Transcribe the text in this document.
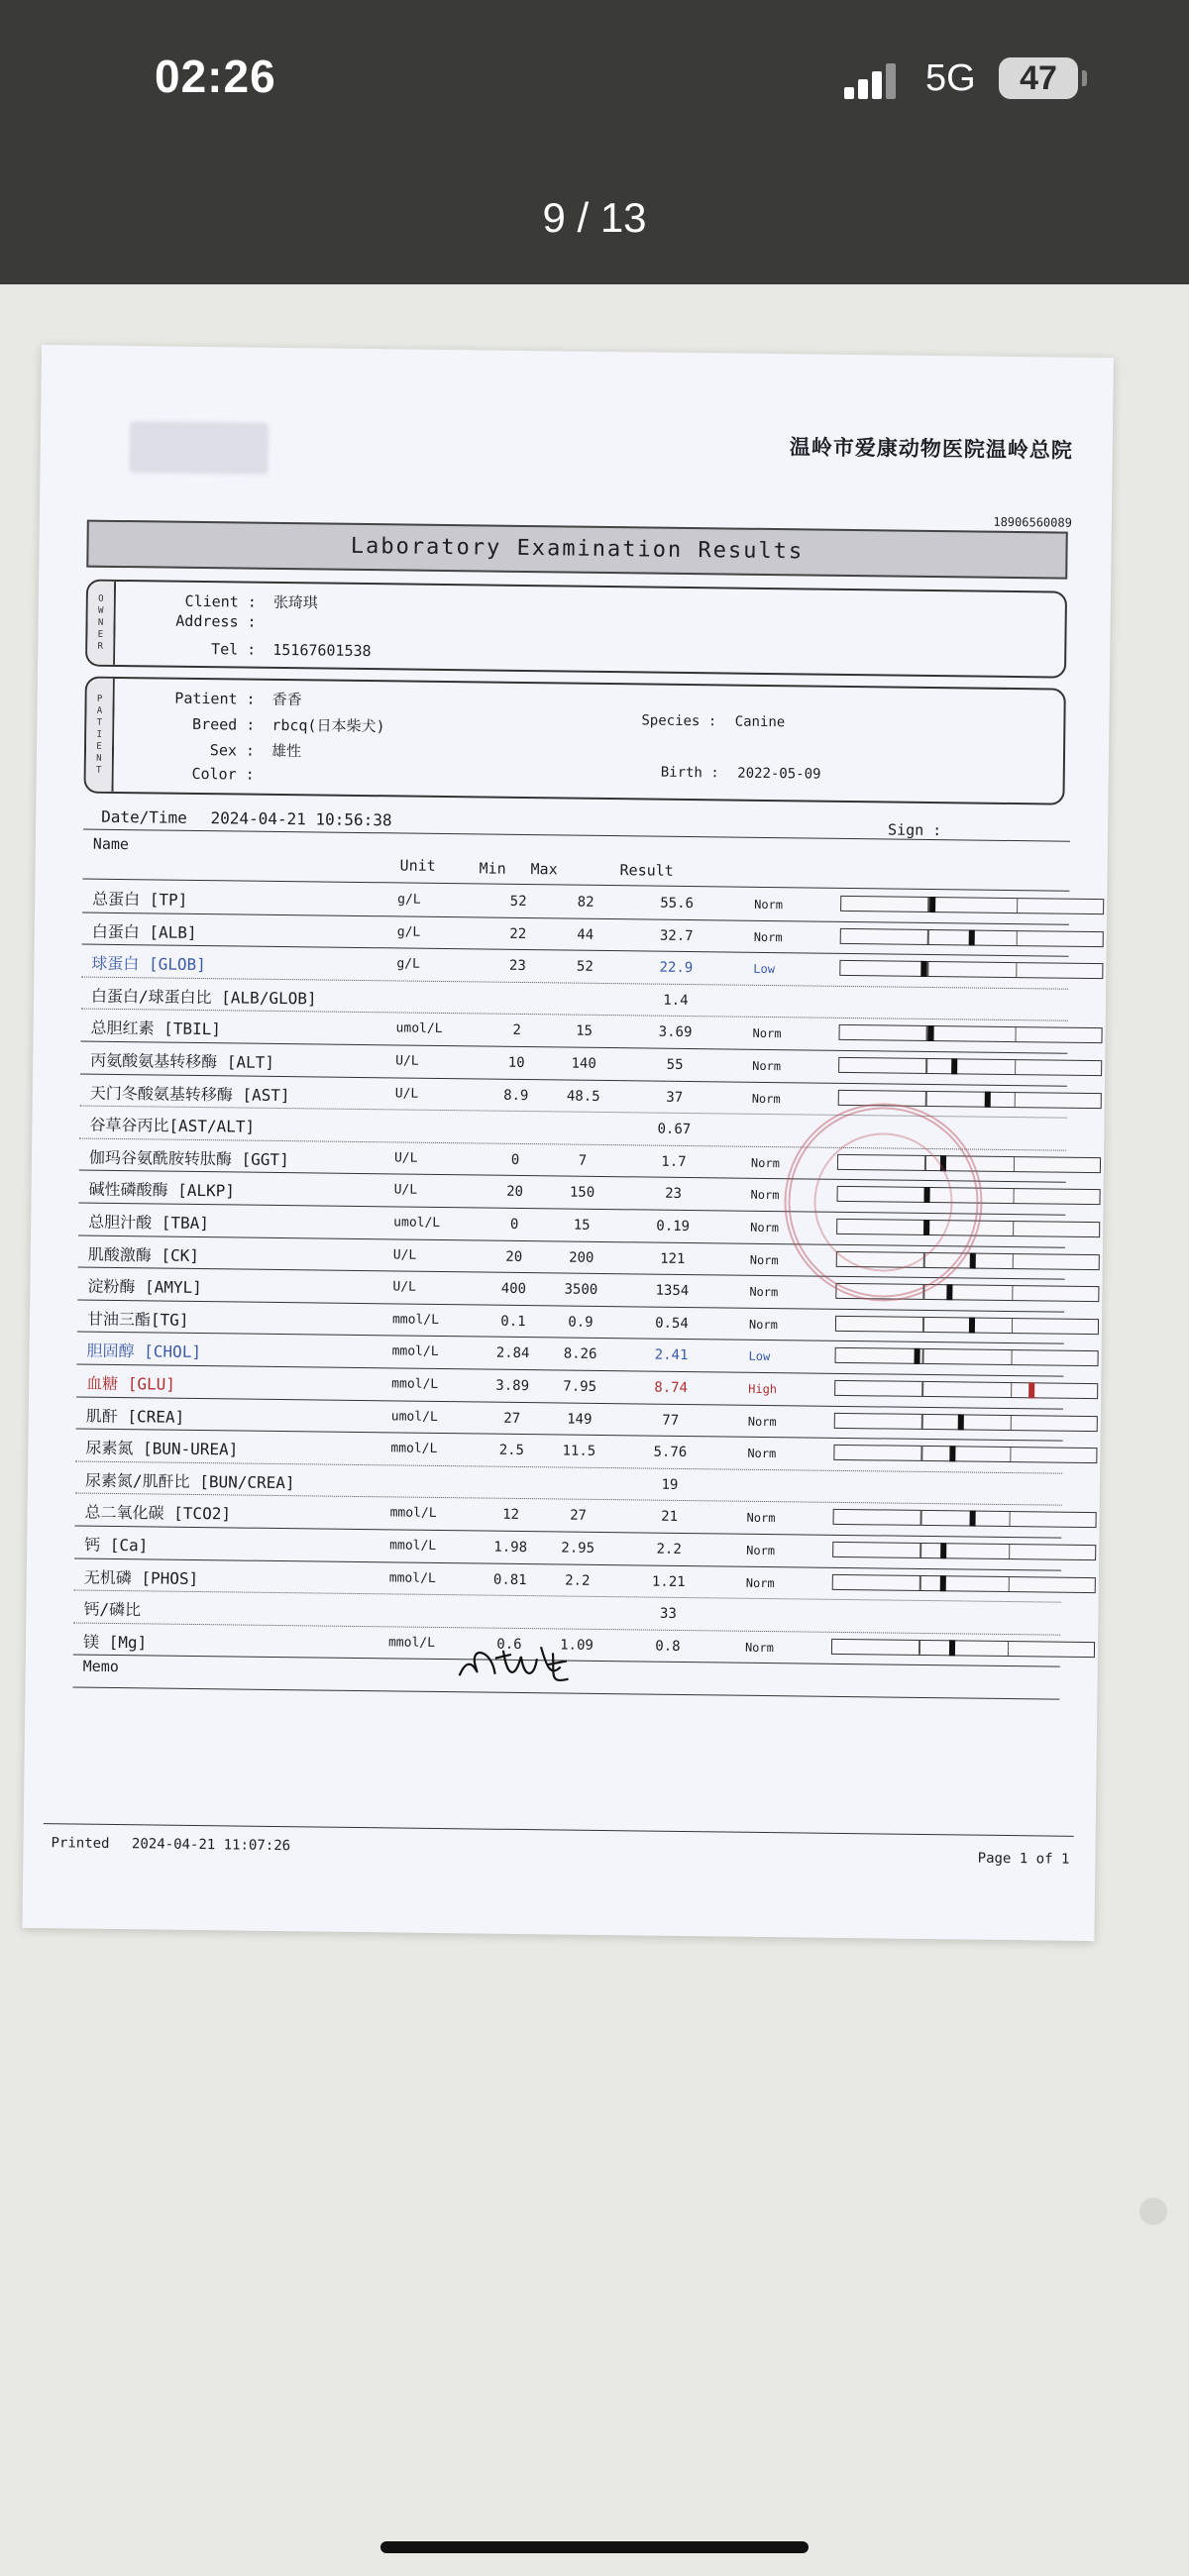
02:26	5G	47
9 / 13
温岭市爱康动物医院温岭总院
18906560089
Laboratory Examination Results
O
W
N
E
R
Client : 张琦琪
Address :
Tel : 15167601538
P
A
T
I
E
N
T
Patient : 香香
Breed : rbcq(日本柴犬)
Sex : 雄性
Color :
Species : Canine
Birth : 2022-05-09
Date/Time 2024-04-21 10:56:38
Sign :
Name
Unit	Min Max	Result
总蛋白 [TP]	g/L	52	82	55.6	Norm
白蛋白 [ALB]	g/L	22	44	32.7	Norm
球蛋白 [GLOB]	g/L	23	52	22.9	Low
白蛋白/球蛋白比 [ALB/GLOB]	1.4
总胆红素 [TBIL]	umol/L	2	15	3.69	Norm
丙氨酸氨基转移酶 [ALT]	U/L	10	140	55	Norm
天门冬酸氨基转移酶 [AST]	U/L	8.9	48.5	37	Norm
谷草谷丙比[AST/ALT]	0.67
伽玛谷氨酰胺转肽酶 [GGT]	U/L	0	7	1.7	Norm
碱性磷酸酶 [ALKP]	U/L	20	150	23	Norm
总胆汁酸 [TBA]	umol/L	0	15	0.19	Norm
肌酸激酶 [CK]	U/L	20	200	121	Norm
淀粉酶 [AMYL]	U/L	400	3500	1354	Norm
甘油三酯[TG]	mmol/L	0.1	0.9	0.54	Norm
胆固醇 [CHOL]	mmol/L	2.84	8.26	2.41	Low
血糖 [GLU]	mmol/L	3.89	7.95	8.74	High
肌酐 [CREA]	umol/L	27	149	77	Norm
尿素氮 [BUN-UREA]	mmol/L	2.5	11.5	5.76	Norm
尿素氮/肌酐比 [BUN/CREA]	19
总二氧化碳 [TCO2]	mmol/L	12	27	21	Norm
钙 [Ca]	mmol/L	1.98	2.95	2.2	Norm
无机磷 [PHOS]	mmol/L	0.81	2.2	1.21	Norm
钙/磷比	33
镁 [Mg]	mmol/L	0.6	1.09	0.8	Norm
Memo
Printed 2024-04-21 11:07:26
Page 1 of 1
